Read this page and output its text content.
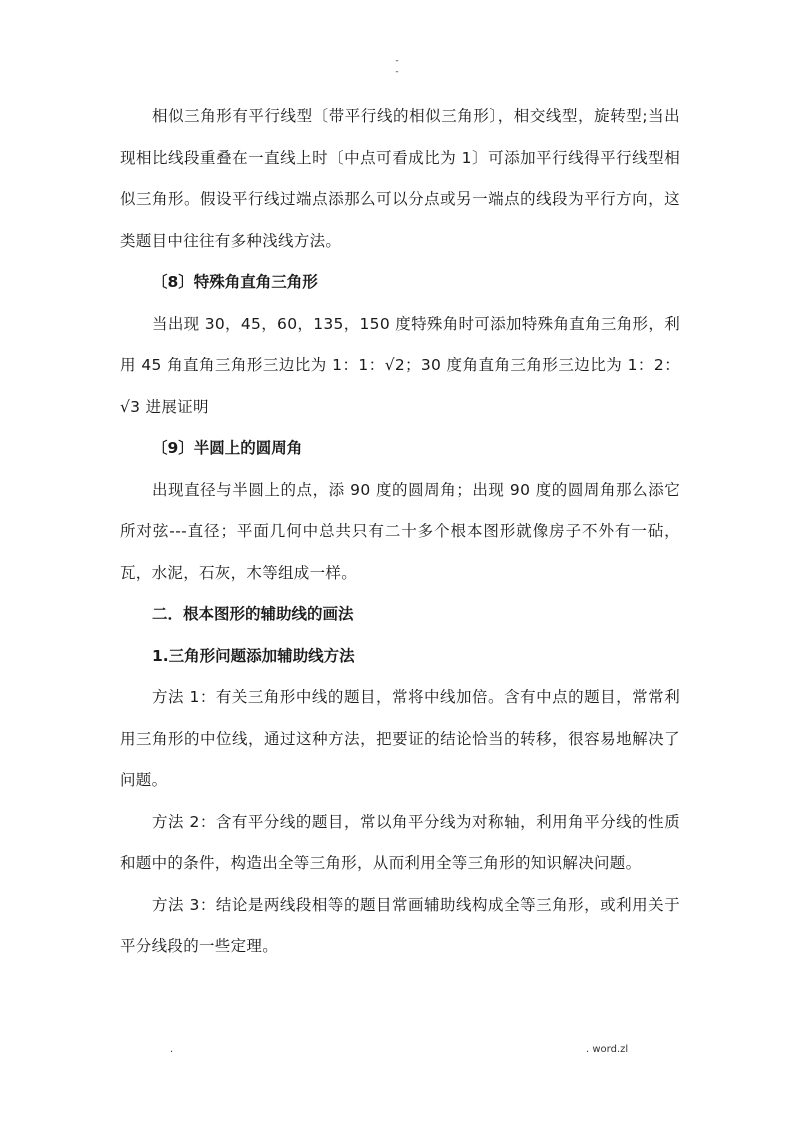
-
-

相似三角形有平行线型〔带平行线的相似三角形〕，相交线型，旋转型;当出现相比线段重叠在一直线上时〔中点可看成比为 1〕可添加平行线得平行线型相似三角形。假设平行线过端点添那么可以分点或另一端点的线段为平行方向，这类题目中往往有多种浅线方法。

〔8〕特殊角直角三角形

当出现 30，45，60，135，150 度特殊角时可添加特殊角直角三角形，利用 45 角直角三角形三边比为 1：1：√2；30 度角直角三角形三边比为 1：2：√3 进展证明

〔9〕半圆上的圆周角

出现直径与半圆上的点，添 90 度的圆周角；出现 90 度的圆周角那么添它所对弦---直径；平面几何中总共只有二十多个根本图形就像房子不外有一砧，瓦，水泥，石灰，木等组成一样。

二．根本图形的辅助线的画法

1.三角形问题添加辅助线方法

方法 1：有关三角形中线的题目，常将中线加倍。含有中点的题目，常常利用三角形的中位线，通过这种方法，把要证的结论恰当的转移，很容易地解决了问题。

方法 2：含有平分线的题目，常以角平分线为对称轴，利用角平分线的性质和题中的条件，构造出全等三角形，从而利用全等三角形的知识解决问题。

方法 3：结论是两线段相等的题目常画辅助线构成全等三角形，或利用关于平分线段的一些定理。

.	. word.zl
